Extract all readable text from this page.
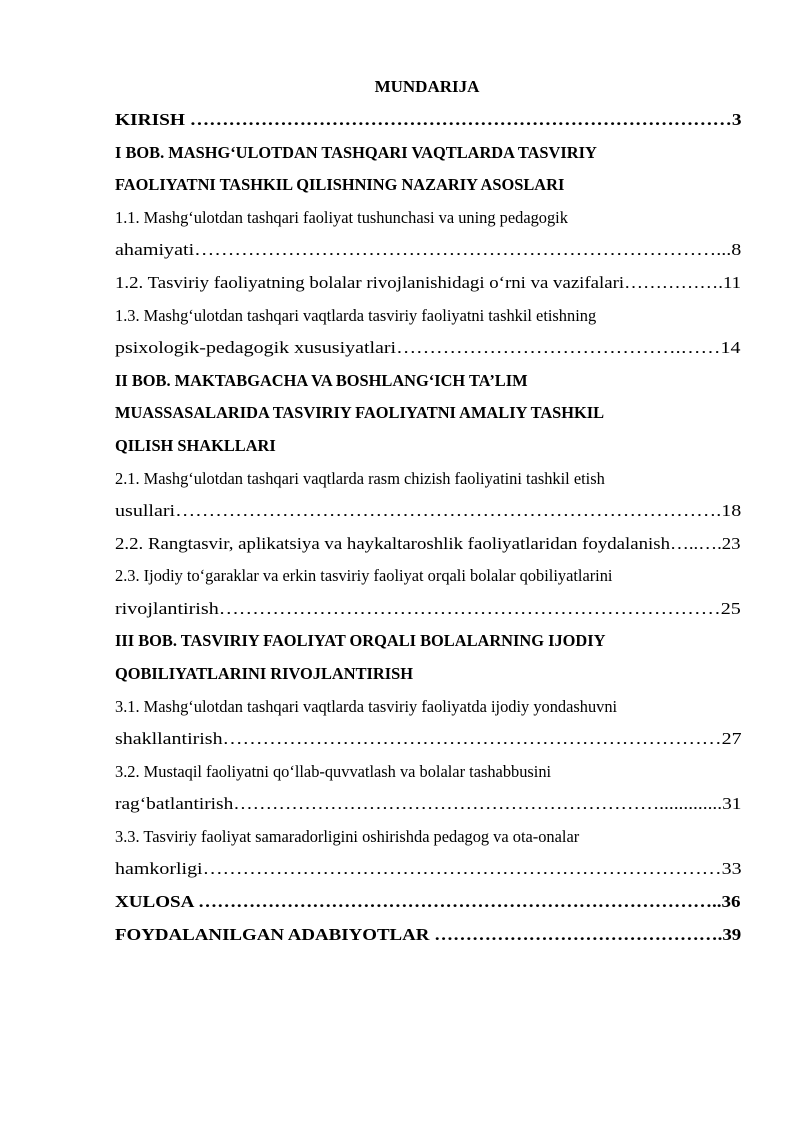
MUNDARIJA
KIRISH …………………………………………………………………………3
I BOB. MASHG‘ULOTDAN TASHQARI VAQTLARDA TASVIRIY
FAOLIYATNI TASHKIL QILISHNING NAZARIY ASOSLARI
1.1. Mashg‘ulotdan tashqari faoliyat tushunchasi va uning pedagogik
ahamiyati……………………………………………………………………...8
1.2. Tasviriy faoliyatning bolalar rivojlanishidagi o‘rni va vazifalari…………….11
1.3. Mashg‘ulotdan tashqari vaqtlarda tasviriy faoliyatni tashkil etishning
psixologik-pedagogik xususiyatlari…………………………………….……14
II BOB. MAKTABGACHA VA BOSHLANG‘ICH TA’LIM
MUASSASALARIDA TASVIRIY FAOLIYATNI AMALIY TASHKIL
QILISH SHAKLLARI
2.1. Mashg‘ulotdan tashqari vaqtlarda rasm chizish faoliyatini tashkil etish
usullari……………………………………………………………………….18
2.2. Rangtasvir, aplikatsiya va haykaltaroshlik faoliyatlaridan foydalanish…..….23
2.3. Ijodiy to‘garaklar va erkin tasviriy faoliyat orqali bolalar qobiliyatlarini
rivojlantirish…………………………………………………………………25
III BOB. TASVIRIY FAOLIYAT ORQALI BOLALARNING IJODIY
QOBILIYATLARINI RIVOJLANTIRISH
3.1. Mashg‘ulotdan tashqari vaqtlarda tasviriy faoliyatda ijodiy yondashuvni
shakllantirish…………………………………………………………………27
3.2. Mustaqil faoliyatni qo‘llab-quvvatlash va bolalar tashabbusini
rag‘batlantirish………………………………………………………….............31
3.3. Tasviriy faoliyat samaradorligini oshirishda pedagog va ota-onalar
hamkorligi……………………………………………………………………33
XULOSA ………………………………………………………………………..36
FOYDALANILGAN ADABIYOTLAR ……………………………………….39
